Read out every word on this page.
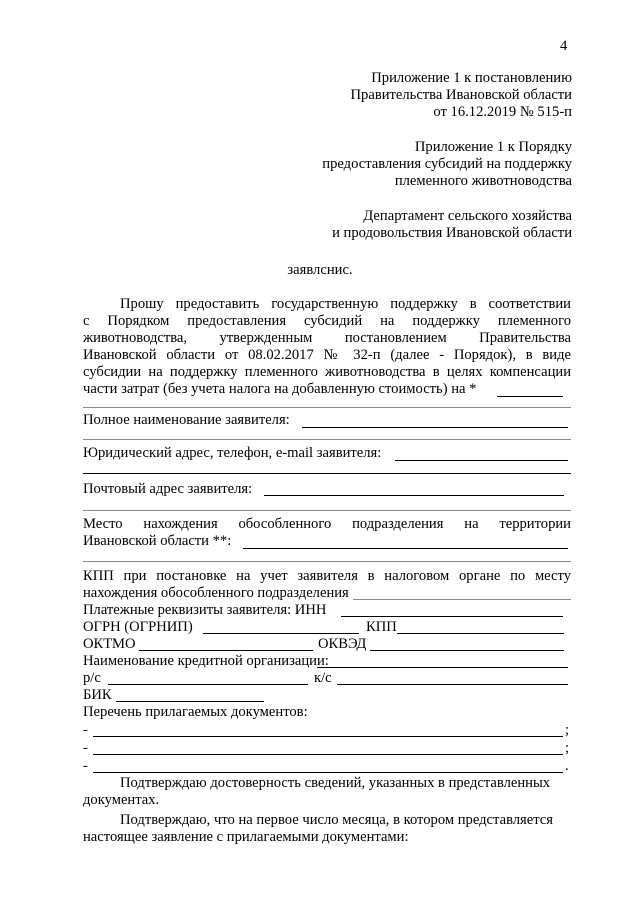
4
Приложение 1 к постановлению
Правительства Ивановской области
от 16.12.2019 № 515-п
Приложение 1 к Порядку
предоставления субсидий на поддержку
племенного животноводства
Департамент сельского хозяйства
и продовольствия Ивановской области
заявлснис.
Прошу предоставить государственную поддержку в соответствии
с Порядком предоставления субсидий на поддержку племенного
животноводства, утвержденным постановлением Правительства
Ивановской области от 08.02.2017 № 32-п (далее - Порядок), в виде
субсидии на поддержку племенного животноводства в целях компенсации
части затрат (без учета налога на добавленную стоимость) на *
Полное наименование заявителя:
Юридический адрес, телефон, e-mail заявителя:
Почтовый адрес заявителя:
Место нахождения обособленного подразделения на территории
Ивановской области **:
КПП при постановке на учет заявителя в налоговом органе по месту
нахождения обособленного подразделения
Платежные реквизиты заявителя: ИНН
ОГРН (ОГРНИП)	КПП
ОКТМО	ОКВЭД
Наименование кредитной организации:
р/с	к/с
БИК
Перечень прилагаемых документов:
-	;
-	;
-	.
Подтверждаю достоверность сведений, указанных в представленных
документах.
Подтверждаю, что на первое число месяца, в котором представляется
настоящее заявление с прилагаемыми документами:
